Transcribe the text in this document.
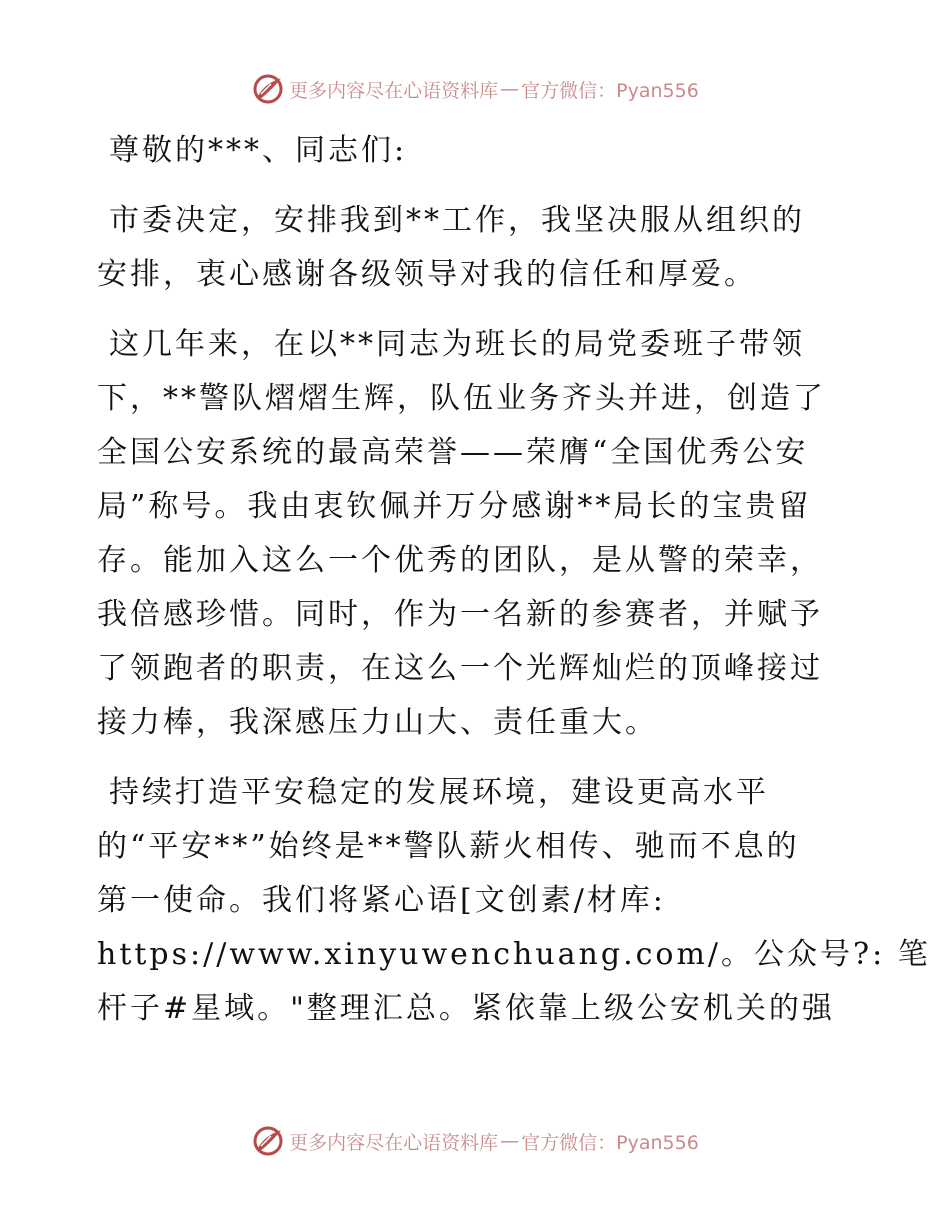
更多内容尽在心语资料库 — 官方微信：Pyan556

尊敬的***、同志们:

市委决定，安排我到**工作，我坚决服从组织的
安排，衷心感谢各级领导对我的信任和厚爱。

这几年来，在以**同志为班长的局党委班子带领
下，**警队熠熠生辉，队伍业务齐头并进，创造了
全国公安系统的最高荣誉——荣膺“全国优秀公安
局”称号。我由衷钦佩并万分感谢**局长的宝贵留
存。能加入这么一个优秀的团队，是从警的荣幸，
我倍感珍惜。同时，作为一名新的参赛者，并赋予
了领跑者的职责，在这么一个光辉灿烂的顶峰接过
接力棒，我深感压力山大、责任重大。

持续打造平安稳定的发展环境，建设更高水平
的“平安**”始终是**警队薪火相传、驰而不息的
第一使命。我们将紧心语[文创素/材库:
https://www.xinyuwenchuang.com/。公众号?: 笔
杆子#星域。"整理汇总。紧依靠上级公安机关的强

更多内容尽在心语资料库 — 官方微信：Pyan556
